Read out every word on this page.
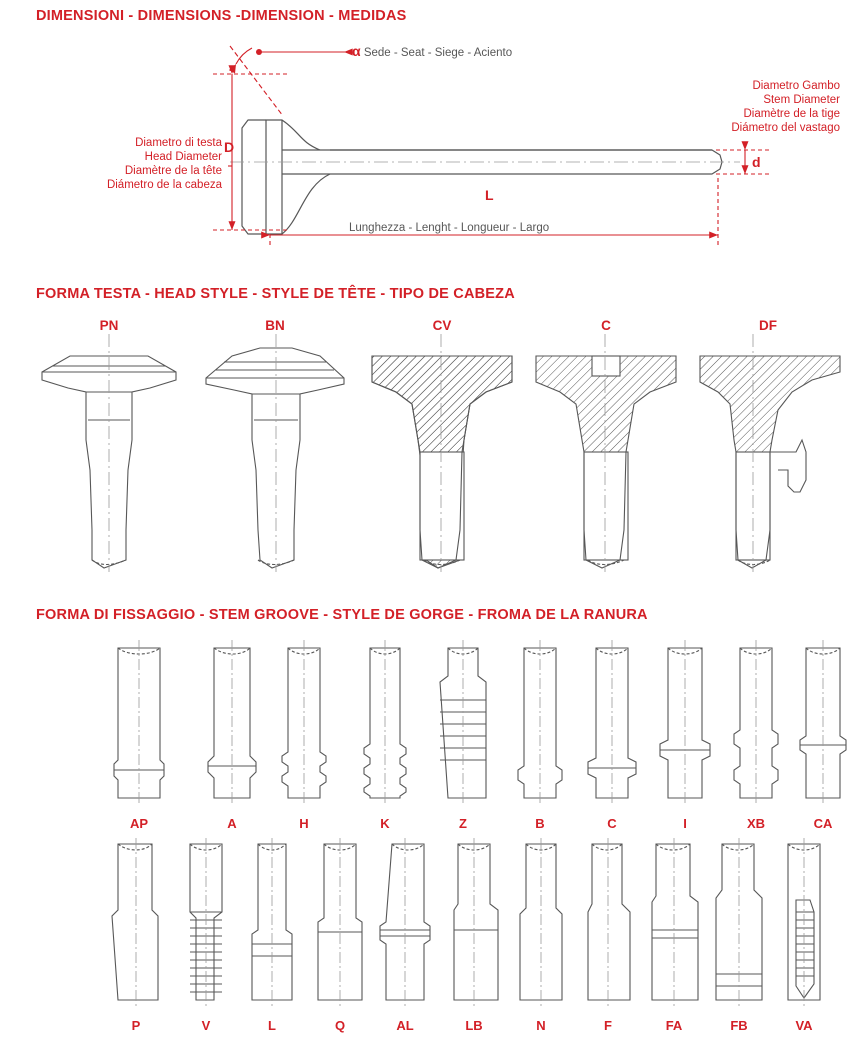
DIMENSIONI - DIMENSIONS -DIMENSION - MEDIDAS
FORMA TESTA - HEAD STYLE - STYLE DE TÊTE - TIPO DE CABEZA
FORMA DI FISSAGGIO - STEM GROOVE - STYLE DE GORGE - FROMA DE LA RANURA
α Sede - Seat - Siege - Aciento
Diametro Gambo
Stem Diameter
Diamètre de la tige
Diámetro del vastago
Diametro di testa
Head Diameter
Diamètre de la tête
Diámetro de la cabeza
D
d
L
Lunghezza - Lenght - Longueur - Largo
PN	BN	CV	C	DF
AP	A	H	K	Z	B	C	I	XB	CA
P	V	L	Q	AL	LB	N	F	FA	FB	VA
